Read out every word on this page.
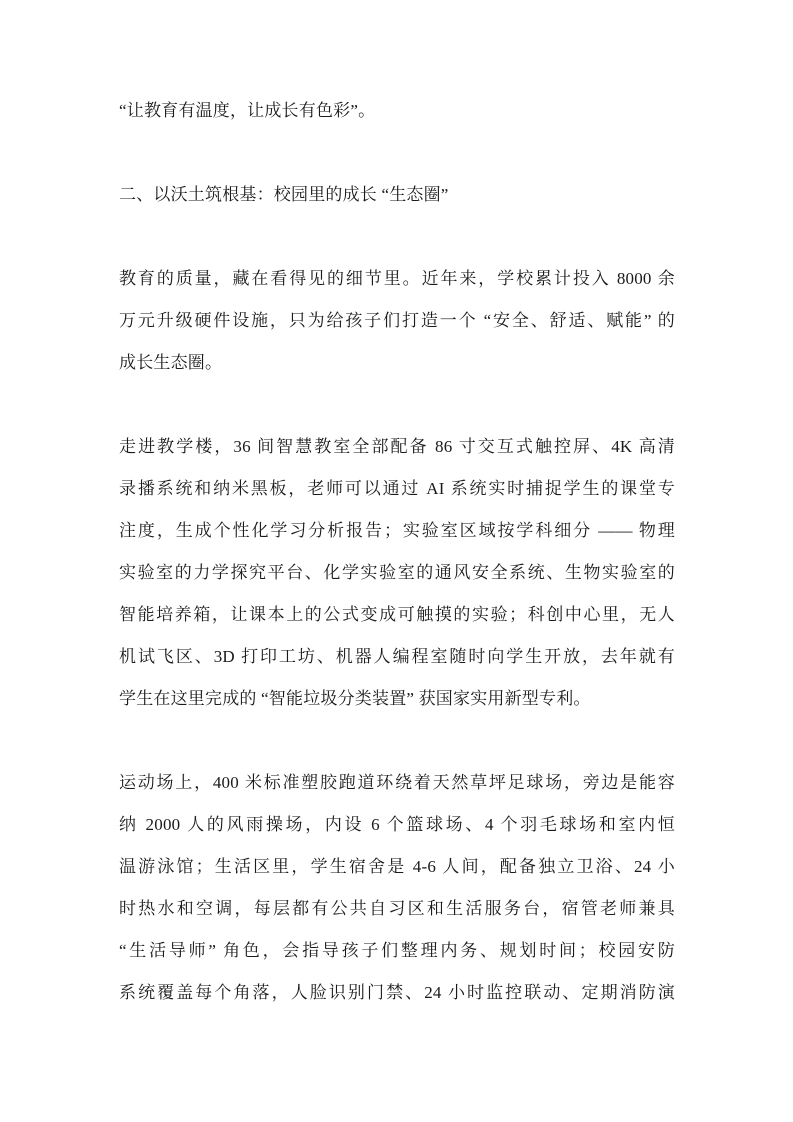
“让教育有温度，让成长有色彩”。
二、以沃土筑根基：校园里的成长 “生态圈”
教育的质量，藏在看得见的细节里。近年来，学校累计投入 8000 余
万元升级硬件设施，只为给孩子们打造一个 “安全、舒适、赋能” 的
成长生态圈。
走进教学楼，36 间智慧教室全部配备 86 寸交互式触控屏、4K 高清
录播系统和纳米黑板，老师可以通过 AI 系统实时捕捉学生的课堂专
注度，生成个性化学习分析报告；实验室区域按学科细分 —— 物理
实验室的力学探究平台、化学实验室的通风安全系统、生物实验室的
智能培养箱，让课本上的公式变成可触摸的实验；科创中心里，无人
机试飞区、3D 打印工坊、机器人编程室随时向学生开放，去年就有
学生在这里完成的 “智能垃圾分类装置” 获国家实用新型专利。
运动场上，400 米标准塑胶跑道环绕着天然草坪足球场，旁边是能容
纳 2000 人的风雨操场，内设 6 个篮球场、4 个羽毛球场和室内恒
温游泳馆；生活区里，学生宿舍是 4-6 人间，配备独立卫浴、24 小
时热水和空调，每层都有公共自习区和生活服务台，宿管老师兼具
“生活导师” 角色，会指导孩子们整理内务、规划时间；校园安防
系统覆盖每个角落，人脸识别门禁、24 小时监控联动、定期消防演
